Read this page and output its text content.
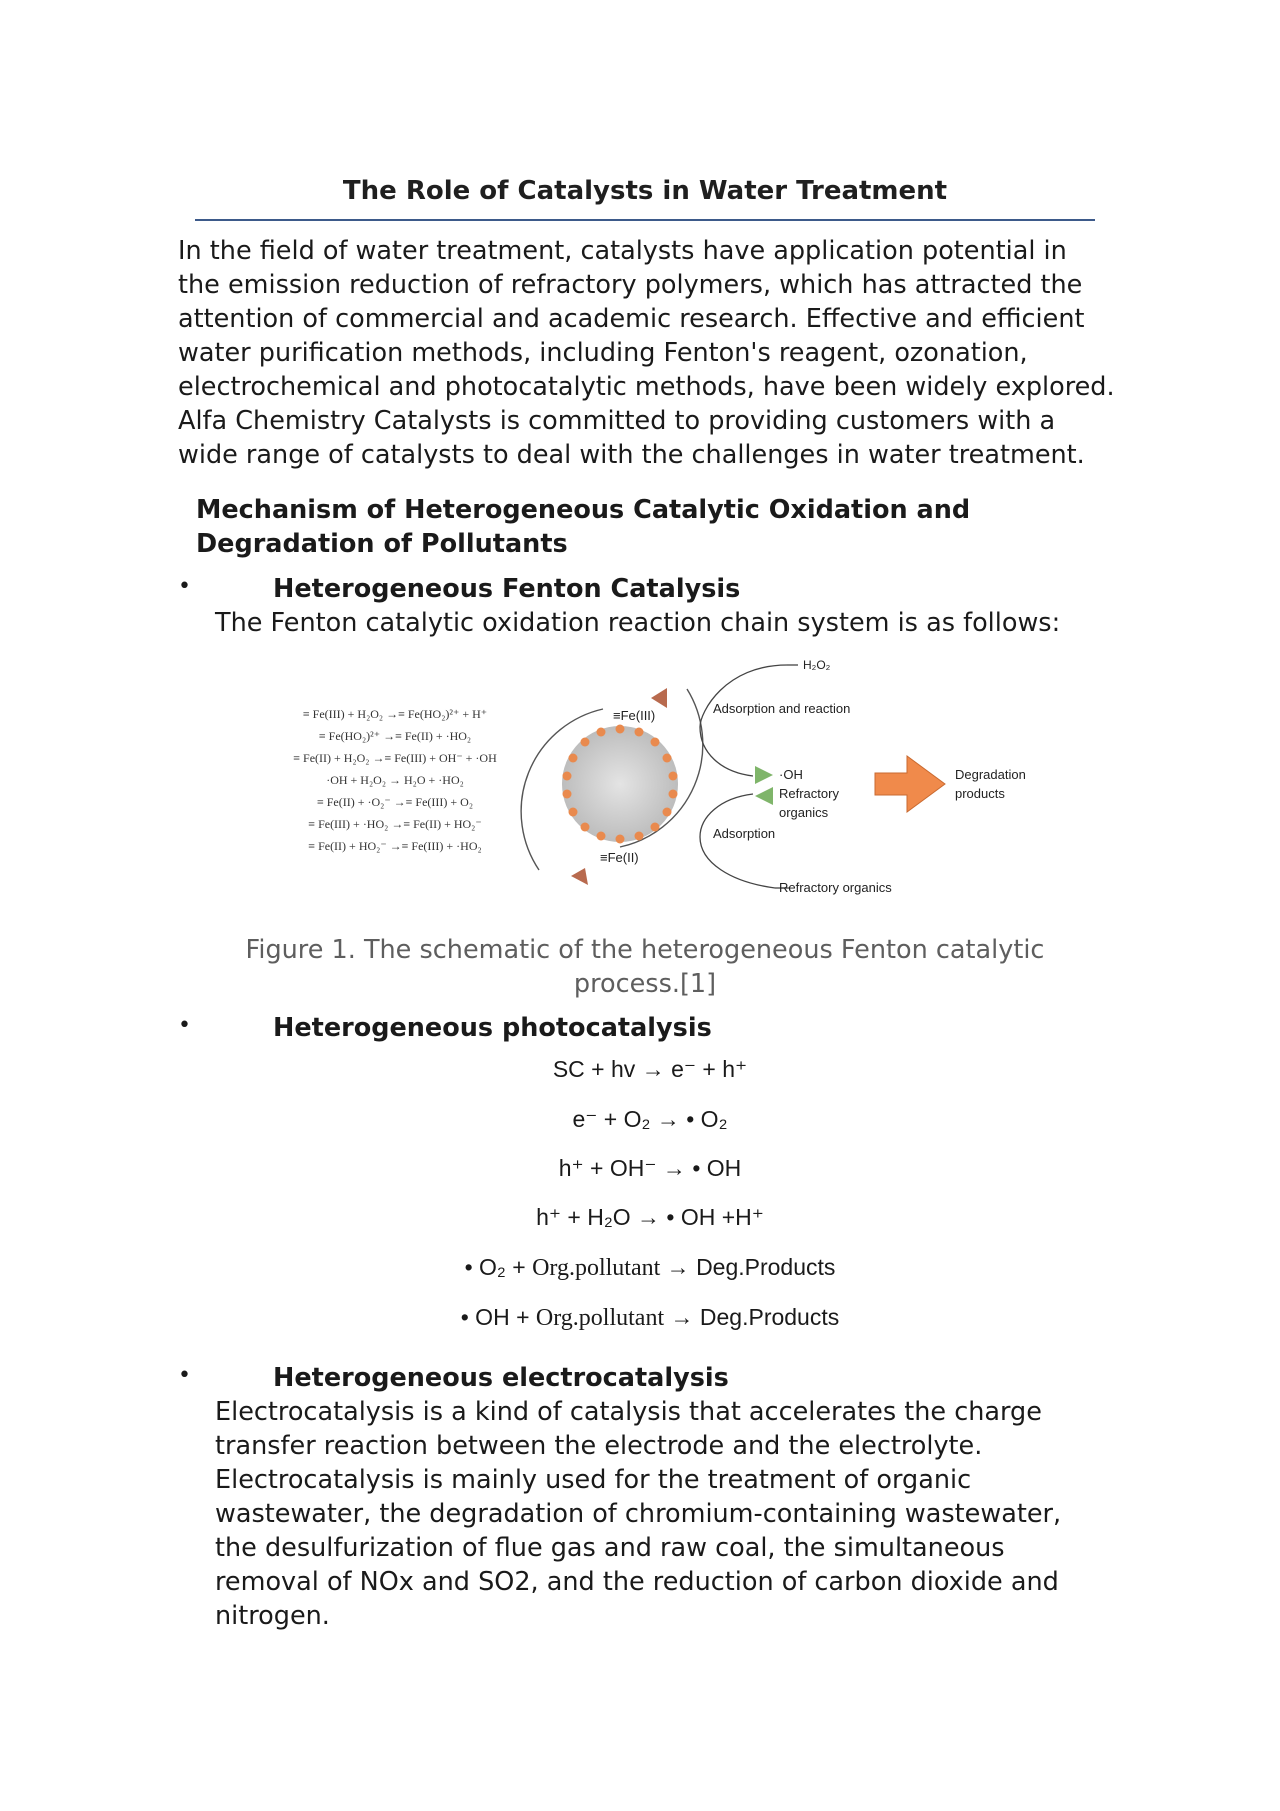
The Role of Catalysts in Water Treatment
In the field of water treatment, catalysts have application potential in
the emission reduction of refractory polymers, which has attracted the
attention of commercial and academic research. Effective and efficient
water purification methods, including Fenton's reagent, ozonation,
electrochemical and photocatalytic methods, have been widely explored.
Alfa Chemistry Catalysts is committed to providing customers with a
wide range of catalysts to deal with the challenges in water treatment.
Mechanism of Heterogeneous Catalytic Oxidation and
Degradation of Pollutants
•	Heterogeneous Fenton Catalysis
The Fenton catalytic oxidation reaction chain system is as follows:
≡ Fe(III) + H₂O₂ →≡ Fe(HO₂)²⁺ + H⁺
≡ Fe(HO₂)²⁺ →≡ Fe(II) + ·HO₂
≡ Fe(II) + H₂O₂ →≡ Fe(III) + OH⁻ + ·OH
·OH + H₂O₂ → H₂O + ·HO₂
≡ Fe(II) + ·O₂⁻ →≡ Fe(III) + O₂
≡ Fe(III) + ·HO₂ →≡ Fe(II) + HO₂⁻
≡ Fe(II) + HO₂⁻ →≡ Fe(III) + ·HO₂
≡Fe(III)
≡Fe(II)
H₂O₂
Adsorption and reaction
·OH
Refractory
organics
Adsorption
Refractory organics
Degradation
products
Figure 1. The schematic of the heterogeneous Fenton catalytic
process.[1]
•	Heterogeneous photocatalysis
SC + hv → e⁻ + h⁺
e⁻ + O₂ → • O₂
h⁺ + OH⁻ → • OH
h⁺ + H₂O → • OH +H⁺
• O₂ + Org.pollutant → Deg.Products
• OH + Org.pollutant → Deg.Products
•	Heterogeneous electrocatalysis
Electrocatalysis is a kind of catalysis that accelerates the charge
transfer reaction between the electrode and the electrolyte.
Electrocatalysis is mainly used for the treatment of organic
wastewater, the degradation of chromium-containing wastewater,
the desulfurization of flue gas and raw coal, the simultaneous
removal of NOx and SO2, and the reduction of carbon dioxide and
nitrogen.
